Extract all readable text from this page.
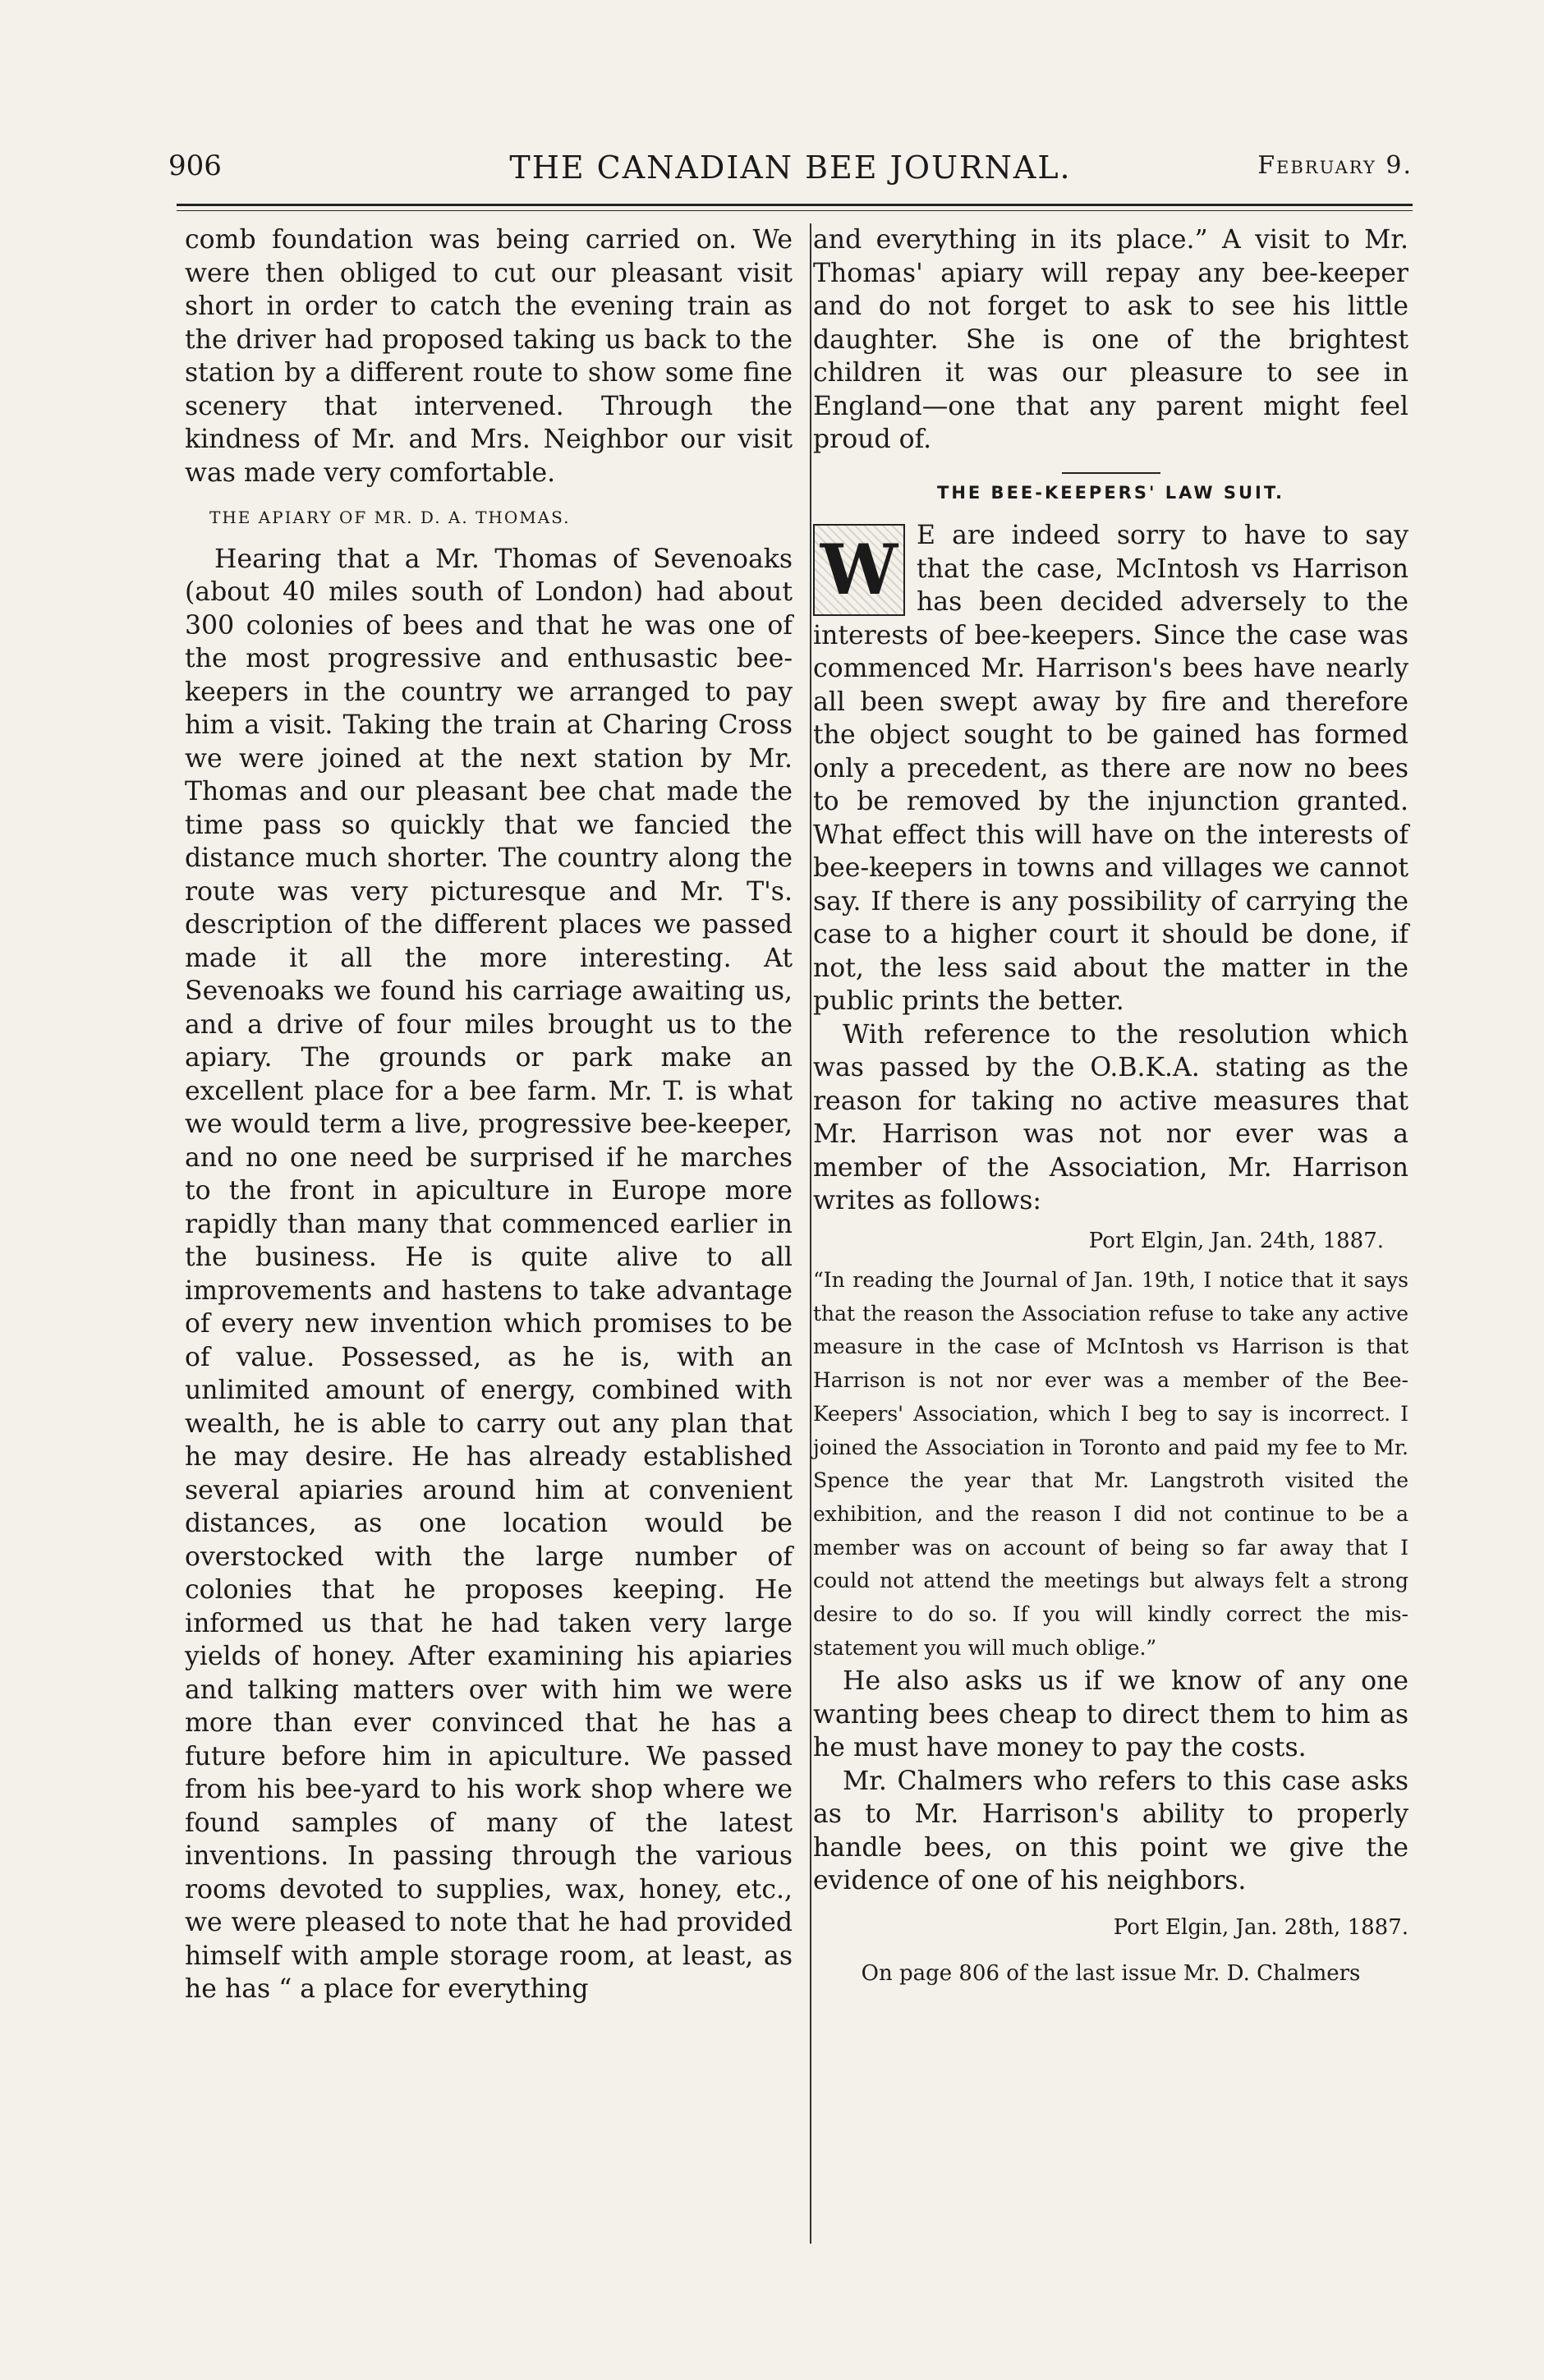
906	THE CANADIAN BEE JOURNAL.	February 9.

comb foundation was being carried on. We were then obliged to cut our pleasant visit short in order to catch the evening train as the driver had proposed taking us back to the station by a different route to show some fine scenery that intervened. Through the kindness of Mr. and Mrs. Neighbor our visit was made very comfortable.

THE APIARY OF MR. D. A. THOMAS.

Hearing that a Mr. Thomas of Sevenoaks (about 40 miles south of London) had about 300 colonies of bees and that he was one of the most progressive and enthusastic bee-keepers in the country we arranged to pay him a visit. Taking the train at Charing Cross we were joined at the next station by Mr. Thomas and our pleasant bee chat made the time pass so quickly that we fancied the distance much shorter. The country along the route was very picturesque and Mr. T's. description of the different places we passed made it all the more interesting. At Sevenoaks we found his carriage awaiting us, and a drive of four miles brought us to the apiary. The grounds or park make an excellent place for a bee farm. Mr. T. is what we would term a live, progressive bee-keeper, and no one need be surprised if he marches to the front in apiculture in Europe more rapidly than many that commenced earlier in the business. He is quite alive to all improvements and hastens to take advantage of every new invention which promises to be of value. Possessed, as he is, with an unlimited amount of energy, combined with wealth, he is able to carry out any plan that he may desire. He has already established several apiaries around him at convenient distances, as one location would be overstocked with the large number of colonies that he proposes keeping. He informed us that he had taken very large yields of honey. After examining his apiaries and talking matters over with him we were more than ever convinced that he has a future before him in apiculture. We passed from his bee-yard to his work shop where we found samples of many of the latest inventions. In passing through the various rooms devoted to supplies, wax, honey, etc., we were pleased to note that he had provided himself with ample storage room, at least, as he has “ a place for everything

and everything in its place.” A visit to Mr. Thomas' apiary will repay any bee-keeper and do not forget to ask to see his little daughter. She is one of the brightest children it was our pleasure to see in England—one that any parent might feel proud of.

THE BEE-KEEPERS' LAW SUIT.
W E are indeed sorry to have to say that the case, McIntosh vs Harrison has been decided adversely to the interests of bee-keepers. Since the case was commenced Mr. Harrison's bees have nearly all been swept away by fire and therefore the object sought to be gained has formed only a precedent, as there are now no bees to be removed by the injunction granted. What effect this will have on the interests of bee-keepers in towns and villages we cannot say. If there is any possibility of carrying the case to a higher court it should be done, if not, the less said about the matter in the public prints the better.

With reference to the resolution which was passed by the O.B.K.A. stating as the reason for taking no active measures that Mr. Harrison was not nor ever was a member of the Association, Mr. Harrison writes as follows:

Port Elgin, Jan. 24th, 1887.

“In reading the Journal of Jan. 19th, I notice that it says that the reason the Association refuse to take any active measure in the case of McIntosh vs Harrison is that Harrison is not nor ever was a member of the Bee-Keepers' Association, which I beg to say is incorrect. I joined the Association in Toronto and paid my fee to Mr. Spence the year that Mr. Langstroth visited the exhibition, and the reason I did not continue to be a member was on account of being so far away that I could not attend the meetings but always felt a strong desire to do so. If you will kindly correct the mis-statement you will much oblige.”

He also asks us if we know of any one wanting bees cheap to direct them to him as he must have money to pay the costs.

Mr. Chalmers who refers to this case asks as to Mr. Harrison's ability to properly handle bees, on this point we give the evidence of one of his neighbors.

Port Elgin, Jan. 28th, 1887.
On page 806 of the last issue Mr. D. Chalmers
